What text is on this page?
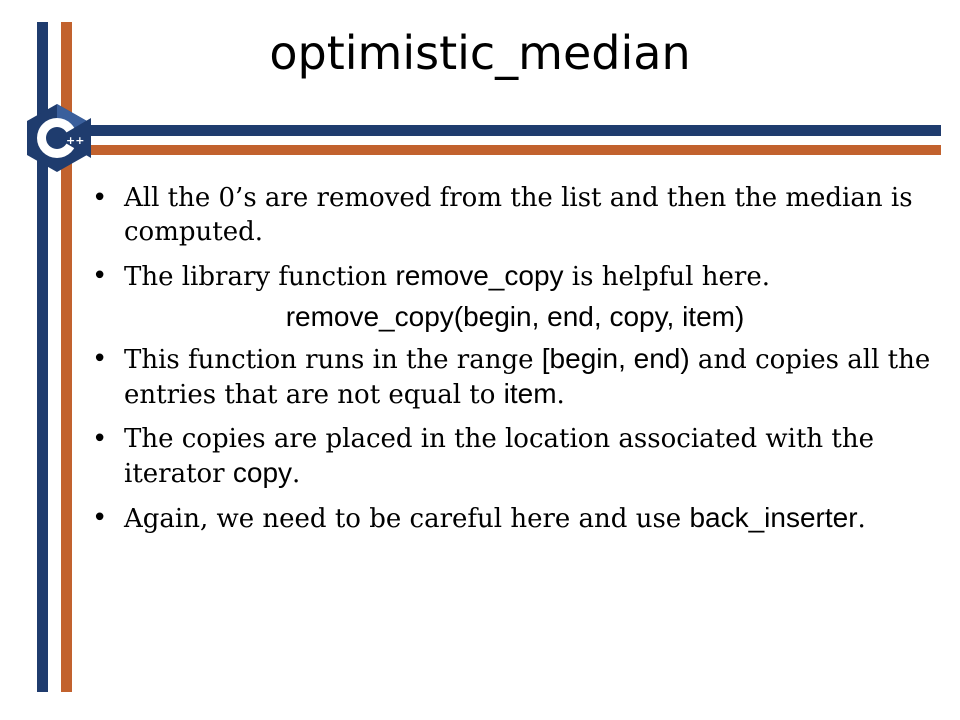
++
optimistic_median
• All the 0’s are removed from the list and then the median is computed.
• The library function remove_copy is helpful here.
remove_copy(begin, end, copy, item)
• This function runs in the range [begin, end) and copies all the entries that are not equal to item.
• The copies are placed in the location associated with the iterator copy.
• Again, we need to be careful here and use back_inserter.
